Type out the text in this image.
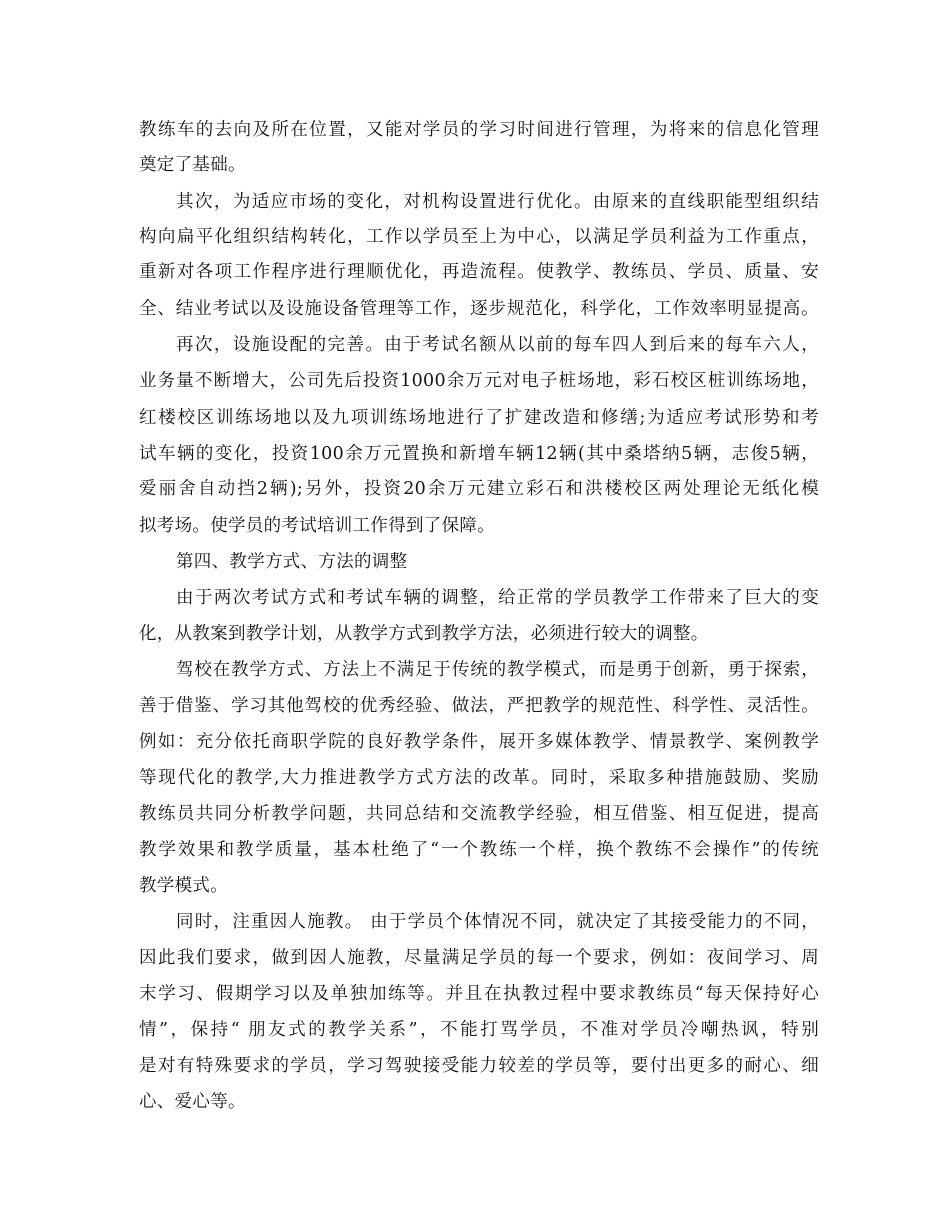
教练车的去向及所在位置，又能对学员的学习时间进行管理，为将来的信息化管理
奠定了基础。
其次，为适应市场的变化，对机构设置进行优化。由原来的直线职能型组织结
构向扁平化组织结构转化，工作以学员至上为中心，以满足学员利益为工作重点，
重新对各项工作程序进行理顺优化，再造流程。使教学、教练员、学员、质量、安
全、结业考试以及设施设备管理等工作，逐步规范化，科学化，工作效率明显提高。
再次，设施设配的完善。由于考试名额从以前的每车四人到后来的每车六人，
业务量不断增大，公司先后投资1000余万元对电子桩场地，彩石校区桩训练场地，
红楼校区训练场地以及九项训练场地进行了扩建改造和修缮;为适应考试形势和考
试车辆的变化，投资100余万元置换和新增车辆12辆(其中桑塔纳5辆，志俊5辆，
爱丽舍自动挡2辆);另外，投资20余万元建立彩石和洪楼校区两处理论无纸化模
拟考场。使学员的考试培训工作得到了保障。
第四、教学方式、方法的调整
由于两次考试方式和考试车辆的调整，给正常的学员教学工作带来了巨大的变
化，从教案到教学计划，从教学方式到教学方法，必须进行较大的调整。
驾校在教学方式、方法上不满足于传统的教学模式，而是勇于创新，勇于探索，
善于借鉴、学习其他驾校的优秀经验、做法，严把教学的规范性、科学性、灵活性。
例如：充分依托商职学院的良好教学条件，展开多媒体教学、情景教学、案例教学
等现代化的教学,大力推进教学方式方法的改革。同时，采取多种措施鼓励、奖励
教练员共同分析教学问题，共同总结和交流教学经验，相互借鉴、相互促进，提高
教学效果和教学质量，基本杜绝了“一个教练一个样，换个教练不会操作”的传统
教学模式。
同时，注重因人施教。 由于学员个体情况不同，就决定了其接受能力的不同，
因此我们要求，做到因人施教，尽量满足学员的每一个要求，例如：夜间学习、周
末学习、假期学习以及单独加练等。并且在执教过程中要求教练员“每天保持好心
情”，保持“ 朋友式的教学关系”，不能打骂学员，不准对学员冷嘲热讽，特别
是对有特殊要求的学员，学习驾驶接受能力较差的学员等，要付出更多的耐心、细
心、爱心等。
